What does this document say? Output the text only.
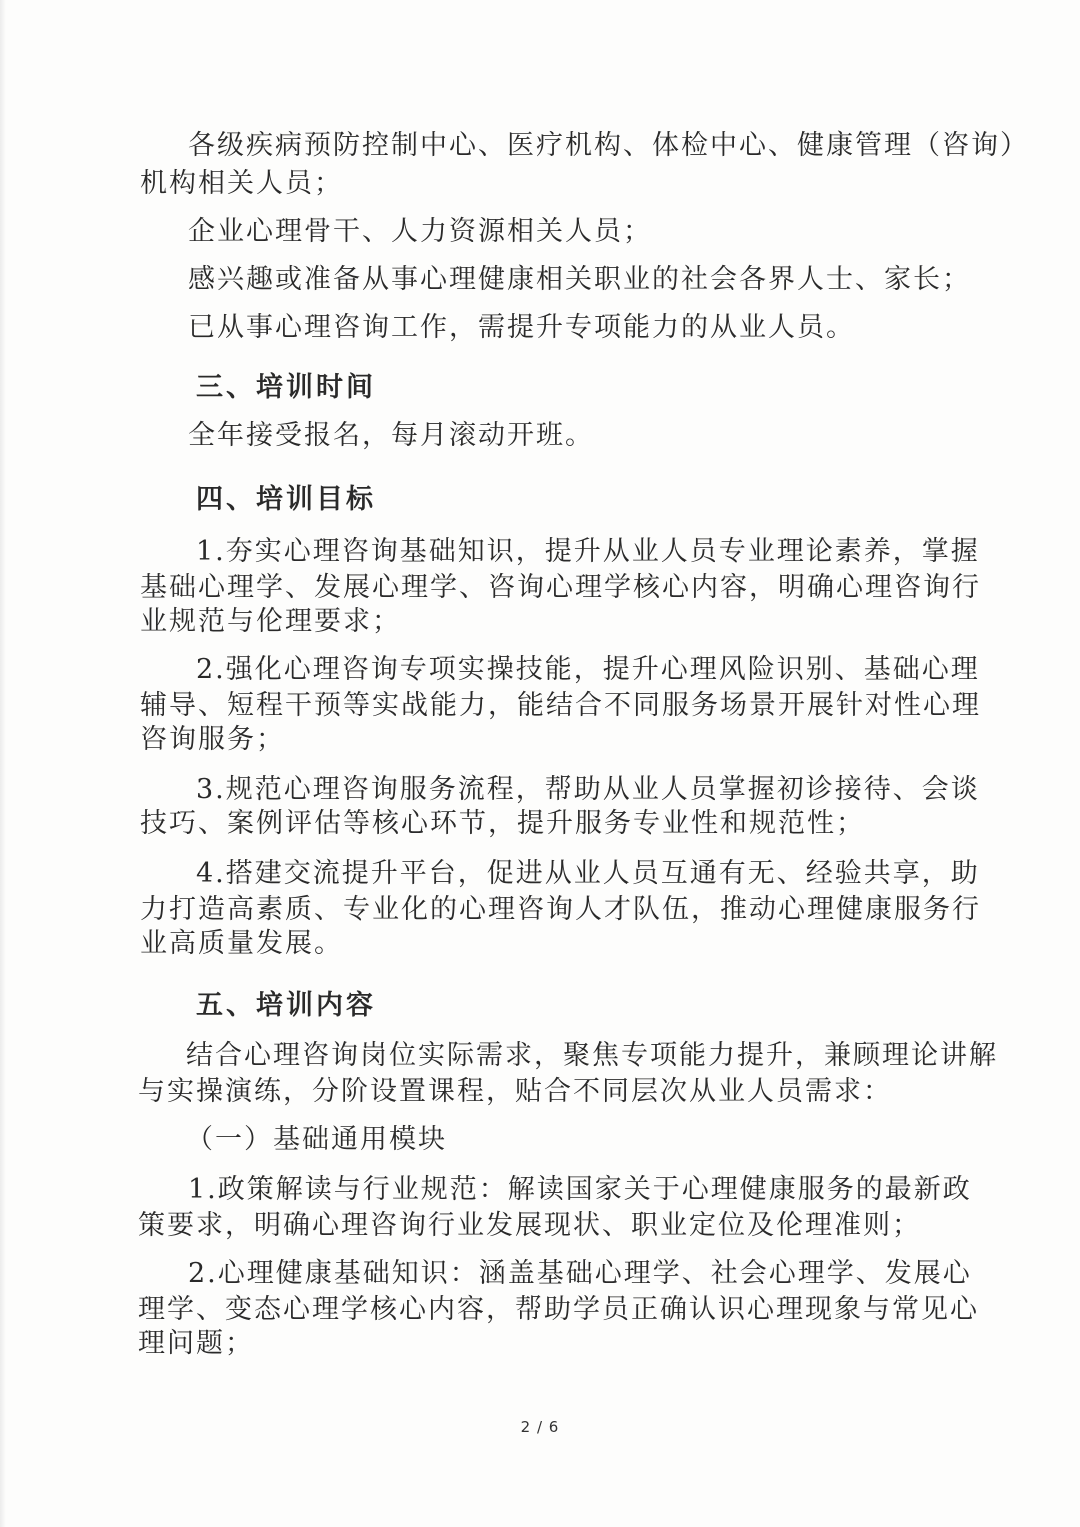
各级疾病预防控制中心、医疗机构、体检中心、健康管理（咨询）
机构相关人员；
企业心理骨干、人力资源相关人员；
感兴趣或准备从事心理健康相关职业的社会各界人士、家长；
已从事心理咨询工作，需提升专项能力的从业人员。
三、培训时间
全年接受报名，每月滚动开班。
四、培训目标
1.夯实心理咨询基础知识，提升从业人员专业理论素养，掌握
基础心理学、发展心理学、咨询心理学核心内容，明确心理咨询行
业规范与伦理要求；
2.强化心理咨询专项实操技能，提升心理风险识别、基础心理
辅导、短程干预等实战能力，能结合不同服务场景开展针对性心理
咨询服务；
3.规范心理咨询服务流程，帮助从业人员掌握初诊接待、会谈
技巧、案例评估等核心环节，提升服务专业性和规范性；
4.搭建交流提升平台，促进从业人员互通有无、经验共享，助
力打造高素质、专业化的心理咨询人才队伍，推动心理健康服务行
业高质量发展。
五、培训内容
结合心理咨询岗位实际需求，聚焦专项能力提升，兼顾理论讲解
与实操演练，分阶设置课程，贴合不同层次从业人员需求：
（一）基础通用模块
1.政策解读与行业规范：解读国家关于心理健康服务的最新政
策要求，明确心理咨询行业发展现状、职业定位及伦理准则；
2.心理健康基础知识：涵盖基础心理学、社会心理学、发展心
理学、变态心理学核心内容，帮助学员正确认识心理现象与常见心
理问题；
2 / 6
